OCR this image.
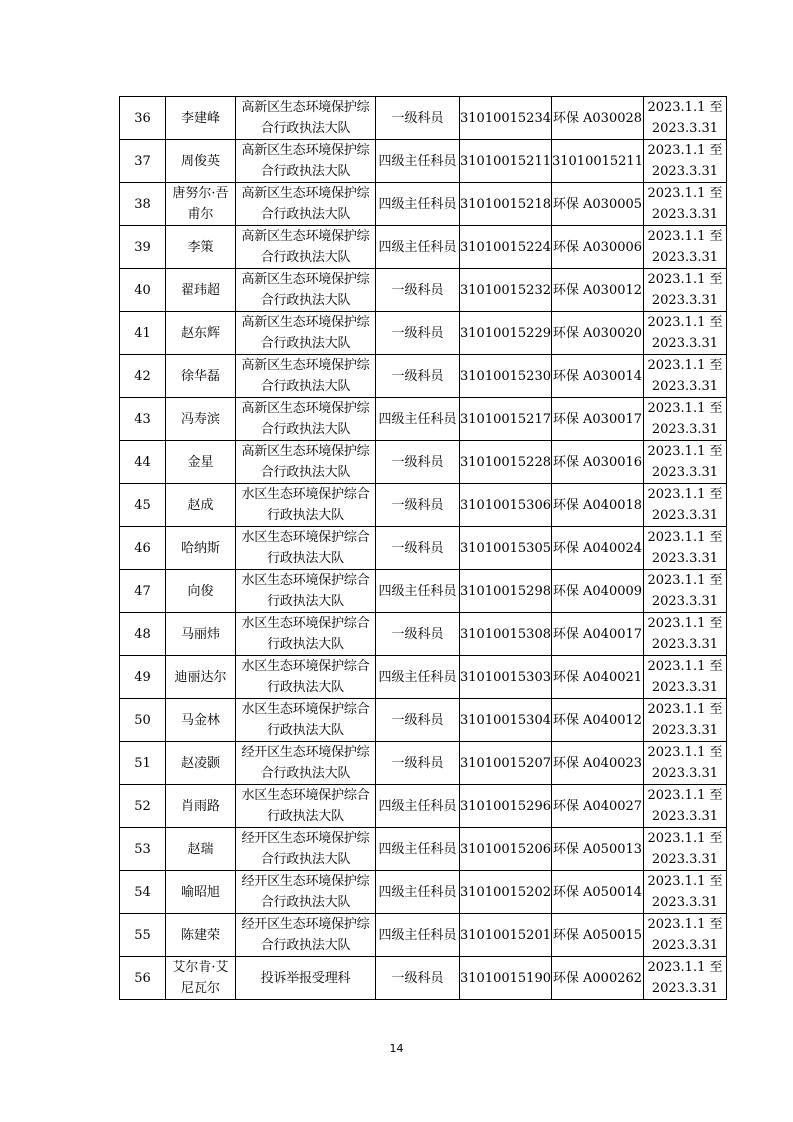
36	李建峰	高新区生态环境保护综合行政执法大队	一级科员	31010015234	环保 A030028	2023.1.1 至 2023.3.31
37	周俊英	高新区生态环境保护综合行政执法大队	四级主任科员	31010015211	31010015211	2023.1.1 至 2023.3.31
38	唐努尔·吾甫尔	高新区生态环境保护综合行政执法大队	四级主任科员	31010015218	环保 A030005	2023.1.1 至 2023.3.31
39	李策	高新区生态环境保护综合行政执法大队	四级主任科员	31010015224	环保 A030006	2023.1.1 至 2023.3.31
40	翟玮超	高新区生态环境保护综合行政执法大队	一级科员	31010015232	环保 A030012	2023.1.1 至 2023.3.31
41	赵东辉	高新区生态环境保护综合行政执法大队	一级科员	31010015229	环保 A030020	2023.1.1 至 2023.3.31
42	徐华磊	高新区生态环境保护综合行政执法大队	一级科员	31010015230	环保 A030014	2023.1.1 至 2023.3.31
43	冯寿滨	高新区生态环境保护综合行政执法大队	四级主任科员	31010015217	环保 A030017	2023.1.1 至 2023.3.31
44	金星	高新区生态环境保护综合行政执法大队	一级科员	31010015228	环保 A030016	2023.1.1 至 2023.3.31
45	赵成	水区生态环境保护综合行政执法大队	一级科员	31010015306	环保 A040018	2023.1.1 至 2023.3.31
46	哈纳斯	水区生态环境保护综合行政执法大队	一级科员	31010015305	环保 A040024	2023.1.1 至 2023.3.31
47	向俊	水区生态环境保护综合行政执法大队	四级主任科员	31010015298	环保 A040009	2023.1.1 至 2023.3.31
48	马丽炜	水区生态环境保护综合行政执法大队	一级科员	31010015308	环保 A040017	2023.1.1 至 2023.3.31
49	迪丽达尔	水区生态环境保护综合行政执法大队	四级主任科员	31010015303	环保 A040021	2023.1.1 至 2023.3.31
50	马金林	水区生态环境保护综合行政执法大队	一级科员	31010015304	环保 A040012	2023.1.1 至 2023.3.31
51	赵凌颢	经开区生态环境保护综合行政执法大队	一级科员	31010015207	环保 A040023	2023.1.1 至 2023.3.31
52	肖雨路	水区生态环境保护综合行政执法大队	四级主任科员	31010015296	环保 A040027	2023.1.1 至 2023.3.31
53	赵瑞	经开区生态环境保护综合行政执法大队	四级主任科员	31010015206	环保 A050013	2023.1.1 至 2023.3.31
54	喻昭旭	经开区生态环境保护综合行政执法大队	四级主任科员	31010015202	环保 A050014	2023.1.1 至 2023.3.31
55	陈建荣	经开区生态环境保护综合行政执法大队	四级主任科员	31010015201	环保 A050015	2023.1.1 至 2023.3.31
56	艾尔肯·艾尼瓦尔	投诉举报受理科	一级科员	31010015190	环保 A000262	2023.1.1 至 2023.3.31
14
